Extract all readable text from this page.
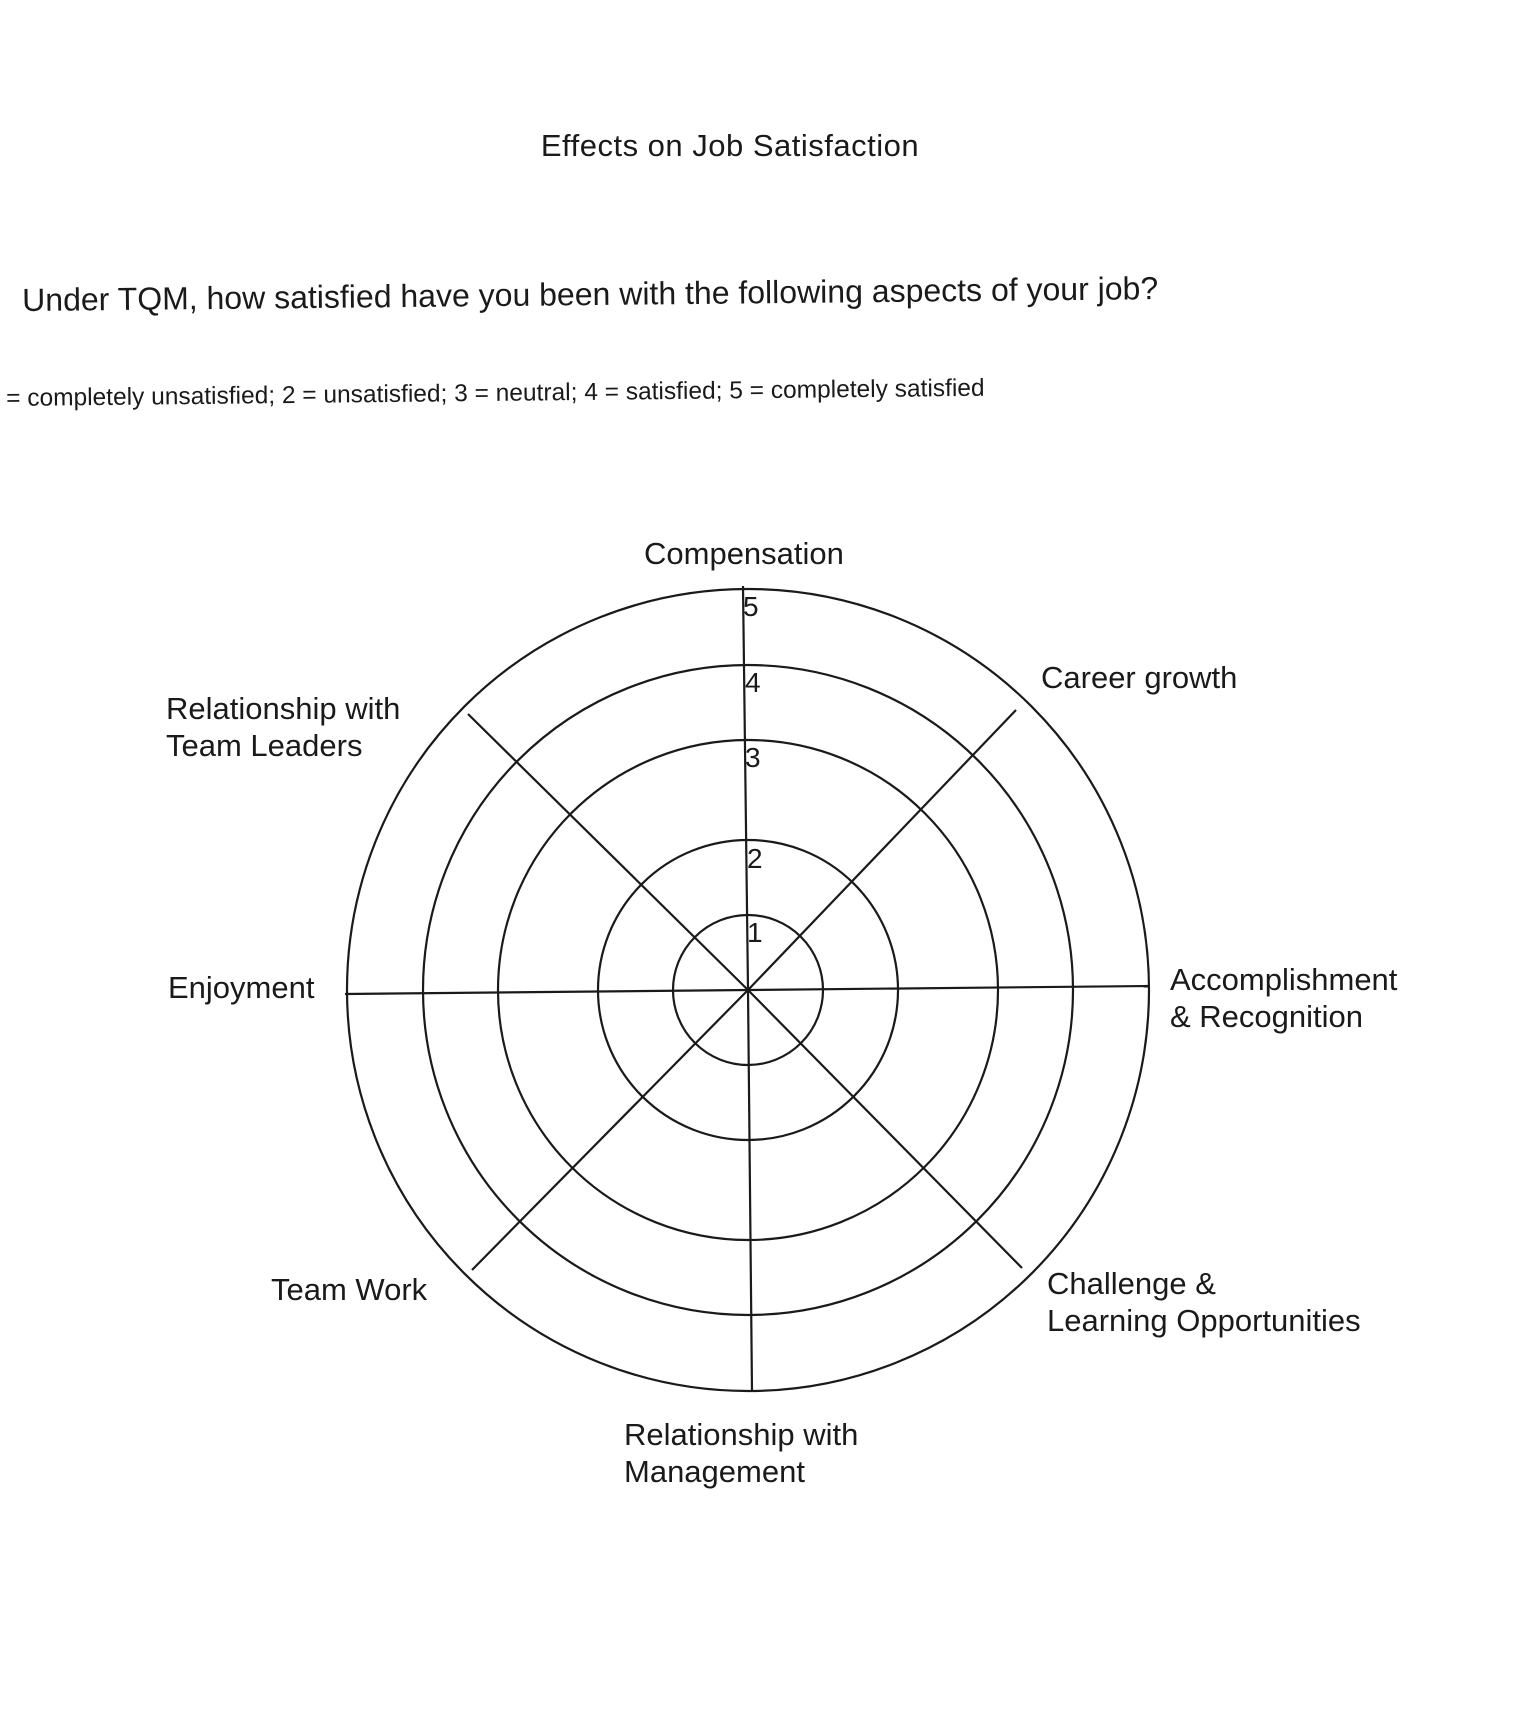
Effects on Job Satisfaction
Under TQM, how satisfied have you been with the following aspects of your job?
= completely unsatisfied; 2 = unsatisfied; 3 = neutral; 4 = satisfied; 5 = completely satisfied
1
2
3
4
5
Compensation
Career growth
Accomplishment & Recognition
Challenge & Learning Opportunities
Relationship with Management
Team Work
Enjoyment
Relationship with Team Leaders
